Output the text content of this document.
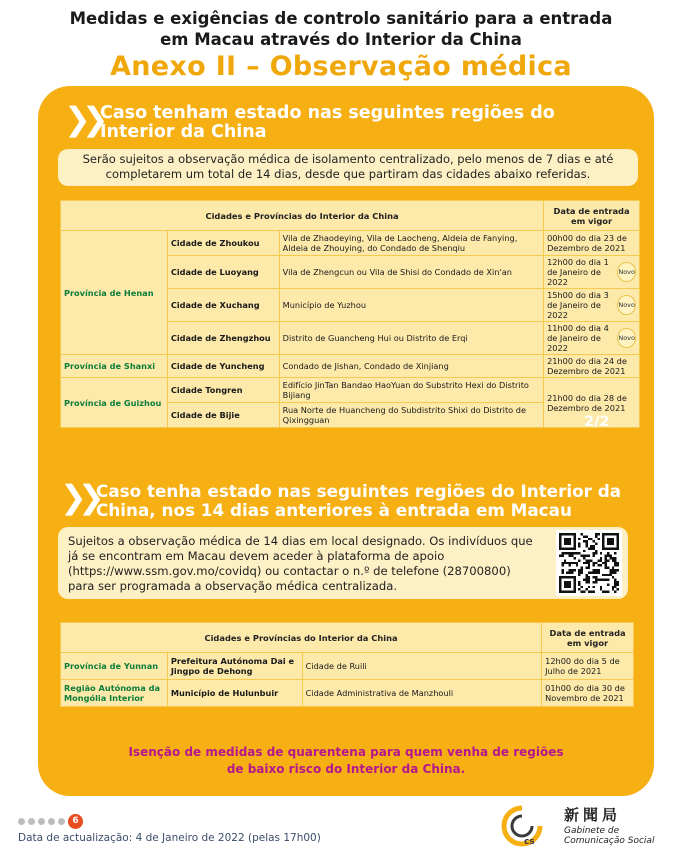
Medidas e exigências de controlo sanitário para a entrada
em Macau através do Interior da China
Anexo II – Observação médica
❯❯ Caso tenham estado nas seguintes regiões do
Interior da China
Serão sujeitos a observação médica de isolamento centralizado, pelo menos de 7 dias e até
completarem um total de 14 dias, desde que partiram das cidades abaixo referidas.
Cidades e Províncias do Interior da China			Data de entrada em vigor
Província de Henan	Cidade de Zhoukou	Vila de Zhaodeying, Vila de Laocheng, Aldeia de Fanying, Aldeia de Zhouying, do Condado de Shenqiu	00h00 do dia 23 de Dezembro de 2021
	Cidade de Luoyang	Vila de Zhengcun ou Vila de Shisi do Condado de Xin'an	12h00 do dia 1 de Janeiro de 2022
Novo

	Cidade de Xuchang	Município de Yuzhou	15h00 do dia 3 de Janeiro de 2022
Novo

	Cidade de Zhengzhou	Distrito de Guancheng Hui ou Distrito de Erqi	11h00 do dia 4 de Janeiro de 2022
Novo

Província de Shanxi	Cidade de Yuncheng	Condado de Jishan, Condado de Xinjiang	21h00 do dia 24 de Dezembro de 2021
Província de Guizhou	Cidade Tongren	Edifício JinTan Bandao HaoYuan do Substrito Hexi do Distrito Bijiang	21h00 do dia 28 de Dezembro de 2021
	Cidade de Bijie	Rua Norte de Huancheng do Subdistrito Shixi do Distrito de Qixingguan		2/2
❯❯ Caso tenha estado nas seguintes regiões do Interior da
China, nos 14 dias anteriores à entrada em Macau
Sujeitos a observação médica de 14 dias em local designado. Os indivíduos que
já se encontram em Macau devem aceder à plataforma de apoio
(https://www.ssm.gov.mo/covidq) ou contactar o n.º de telefone (28700800)
para ser programada a observação médica centralizada.
Cidades e Províncias do Interior da China			Data de entrada em vigor
Província de Yunnan	Prefeitura Autónoma Dai e Jingpo de Dehong	Cidade de Ruili	12h00 do dia 5 de Julho de 2021
Região Autónoma da Mongólia Interior	Município de Hulunbuir	Cidade Administrativa de Manzhouli	01h00 do dia 30 de Novembro de 2021
Isenção de medidas de quarentena para quem venha de regiões
de baixo risco do Interior da China.
6
Data de actualização: 4 de Janeiro de 2022 (pelas 17h00)	cs
新聞局
Gabinete de
Comunicação Social
